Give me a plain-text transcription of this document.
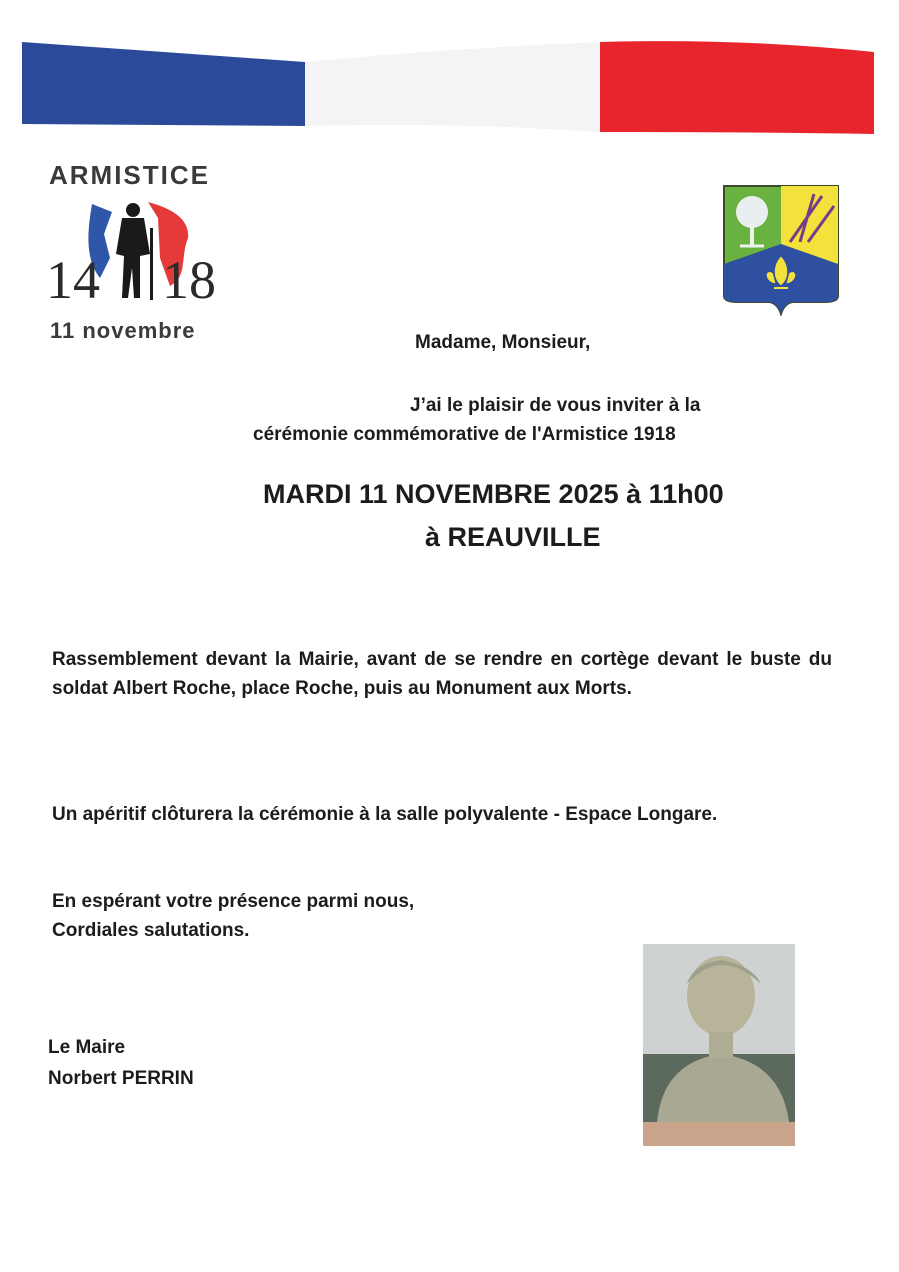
ARMISTICE
14 18
11 novembre	Madame, Monsieur,
J’ai le plaisir de vous inviter à la
cérémonie commémorative de l'Armistice 1918
MARDI 11 NOVEMBRE 2025 à 11h00
à REAUVILLE
Rassemblement devant la Mairie, avant de se rendre en cortège devant le buste du soldat Albert Roche, place Roche, puis au Monument aux Morts.
Un apéritif clôturera la cérémonie à la salle polyvalente - Espace Longare.
En espérant votre présence parmi nous,
Cordiales salutations.
Le Maire
Norbert PERRIN
